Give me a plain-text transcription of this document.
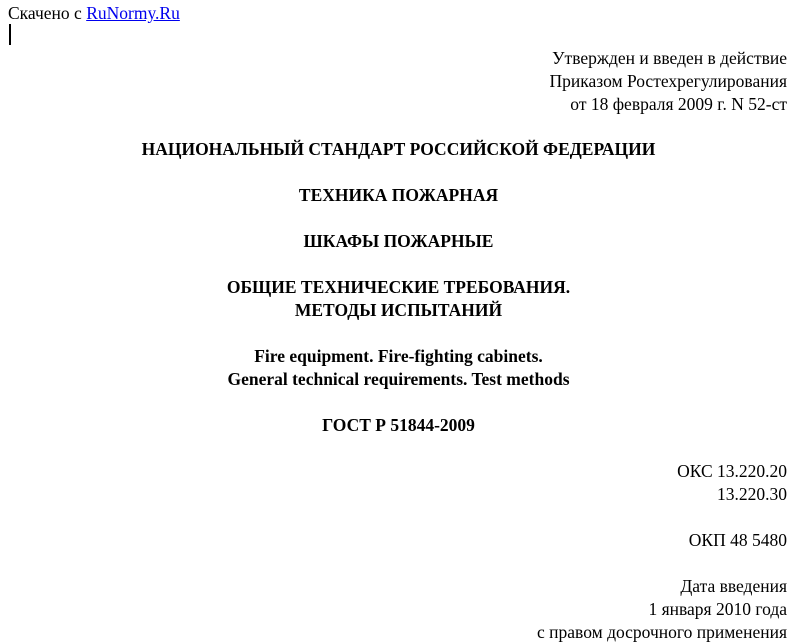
Скачено с RuNormy.Ru
Утвержден и введен в действие
Приказом Ростехрегулирования
от 18 февраля 2009 г. N 52-ст
НАЦИОНАЛЬНЫЙ СТАНДАРТ РОССИЙСКОЙ ФЕДЕРАЦИИ
ТЕХНИКА ПОЖАРНАЯ
ШКАФЫ ПОЖАРНЫЕ
ОБЩИЕ ТЕХНИЧЕСКИЕ ТРЕБОВАНИЯ.
МЕТОДЫ ИСПЫТАНИЙ
Fire equipment. Fire-fighting cabinets.
General technical requirements. Test methods
ГОСТ Р 51844-2009
ОКС 13.220.20
13.220.30
ОКП 48 5480
Дата введения
1 января 2010 года
с правом досрочного применения
